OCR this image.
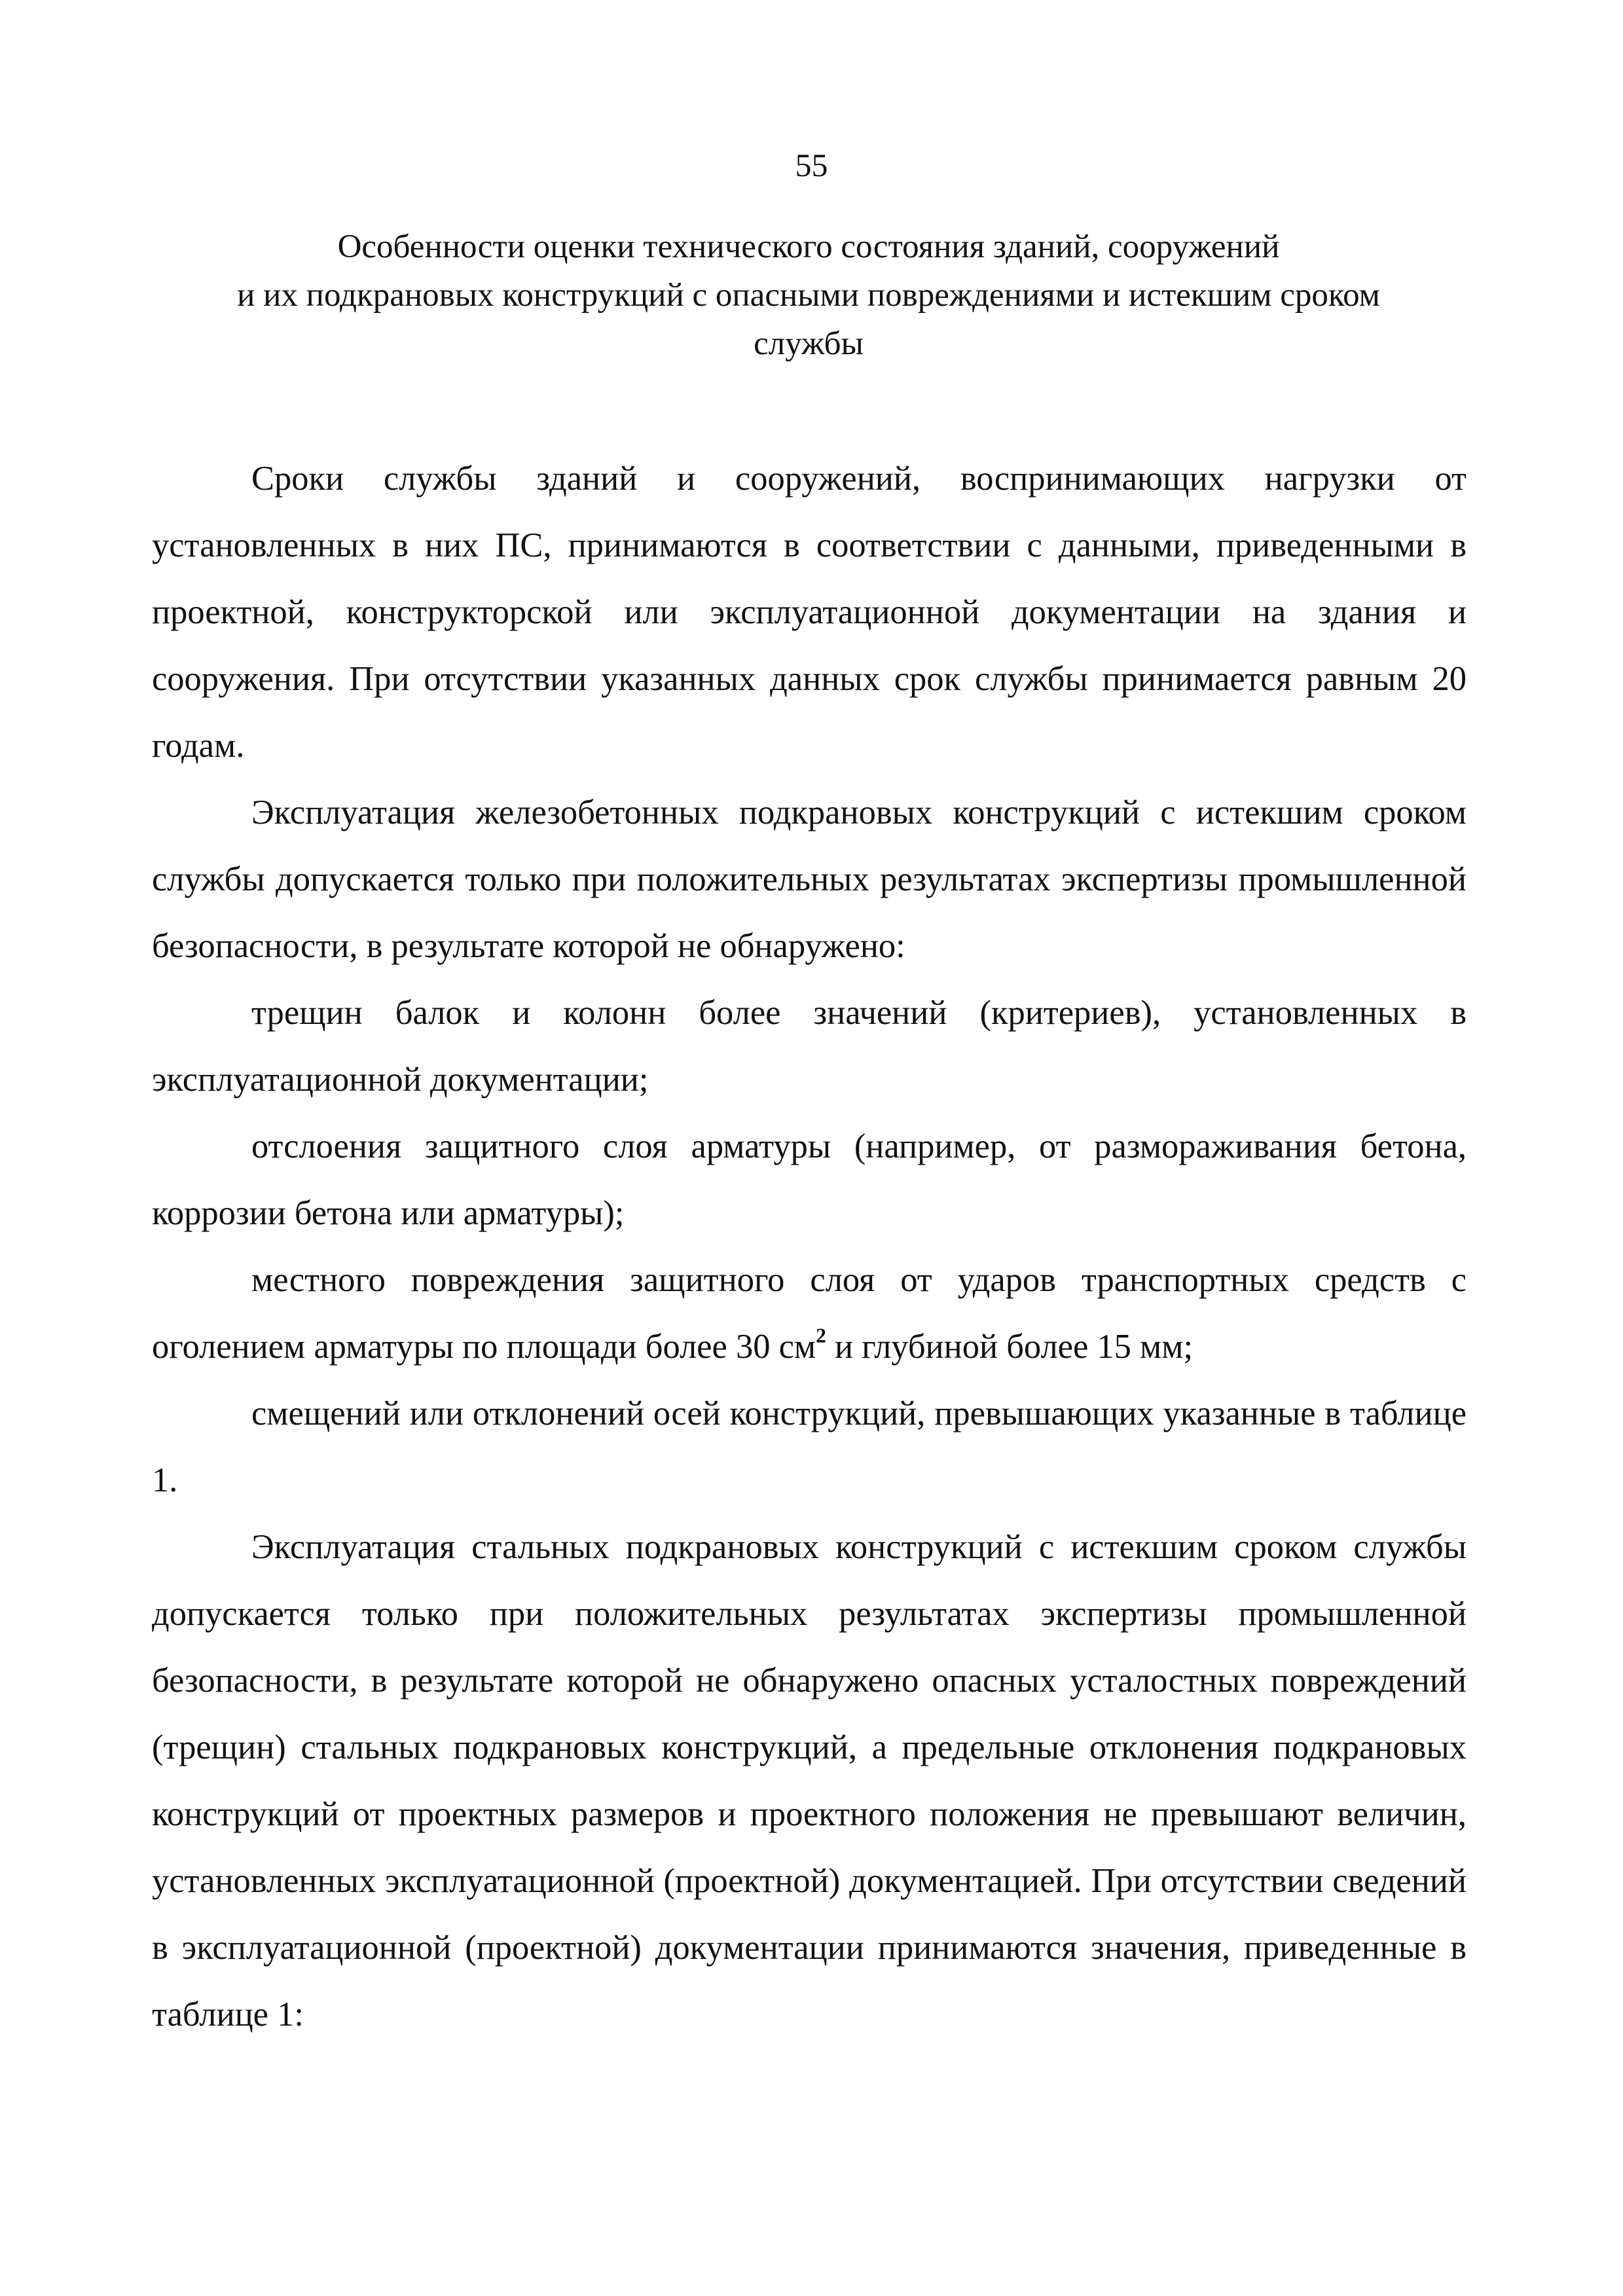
55
Особенности оценки технического состояния зданий, сооружений
и их подкрановых конструкций с опасными повреждениями и истекшим сроком
службы

Сроки службы зданий и сооружений, воспринимающих нагрузки от установленных в них ПС, принимаются в соответствии с данными, приведенными в проектной, конструкторской или эксплуатационной документации на здания и сооружения. При отсутствии указанных данных срок службы принимается равным 20 годам.

Эксплуатация железобетонных подкрановых конструкций с истекшим сроком службы допускается только при положительных результатах экспертизы промышленной безопасности, в результате которой не обнаружено:

трещин балок и колонн более значений (критериев), установленных в эксплуатационной документации;

отслоения защитного слоя арматуры (например, от размораживания бетона, коррозии бетона или арматуры);

местного повреждения защитного слоя от ударов транспортных средств с оголением арматуры по площади более 30 $см^2$ и глубиной более 15 мм;

смещений или отклонений осей конструкций, превышающих указанные в таблице 1.

Эксплуатация стальных подкрановых конструкций с истекшим сроком службы допускается только при положительных результатах экспертизы промышленной безопасности, в результате которой не обнаружено опасных усталостных повреждений (трещин) стальных подкрановых конструкций, а предельные отклонения подкрановых конструкций от проектных размеров и проектного положения не превышают величин, установленных эксплуатационной (проектной) документацией. При отсутствии сведений в эксплуатационной (проектной) документации принимаются значения, приведенные в таблице 1:
